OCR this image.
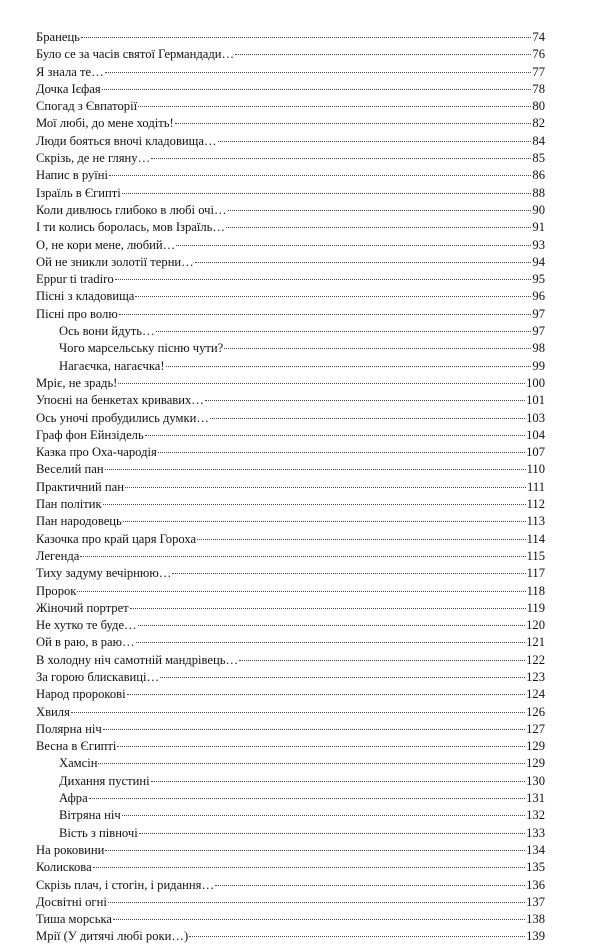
Бранець	74
Було се за часів святої Германдади…	76
Я знала те…	77
Дочка Ієфая	78
Спогад з Євпаторії	80
Мої любі, до мене ходіть!	82
Люди бояться вночі кладовища…	84
Скрізь, де не гляну…	85
Напис в руїні	86
Ізраїль в Єгипті	88
Коли дивлюсь глибоко в любі очі…	90
І ти колись боролась, мов Ізраїль…	91
О, не кори мене, любий…	93
Ой не зникли золотії терни…	94
Eppur ti tradiro	95
Пісні з кладовища	96
Пісні про волю	97
Ось вони йдуть…	97
Чого марсельську пісню чути?	98
Нагаєчка, нагаєчка!	99
Мріє, не зрадь!	100
Упоєні на бенкетах кривавих…	101
Ось уночі пробудились думки…	103
Граф фон Ейнзідель	104
Казка про Оха-чародія	107
Веселий пан	110
Практичний пан	111
Пан політик	112
Пан народовець	113
Казочка про край царя Гороха	114
Легенда	115
Тиху задуму вечірнюю…	117
Пророк	118
Жіночий портрет	119
Не хутко те буде…	120
Ой в раю, в раю…	121
В холодну ніч самотній мандрівець…	122
За горою блискавиці…	123
Народ пророкові	124
Хвиля	126
Полярна ніч	127
Весна в Єгипті	129
Хамсін	129
Дихання пустині	130
Афра	131
Вітряна ніч	132
Вість з півночі	133
На роковини	134
Колискова	135
Скрізь плач, і стогін, і ридання…	136
Досвітні огні	137
Тиша морська	138
Мрії (У дитячі любі роки…)	139
